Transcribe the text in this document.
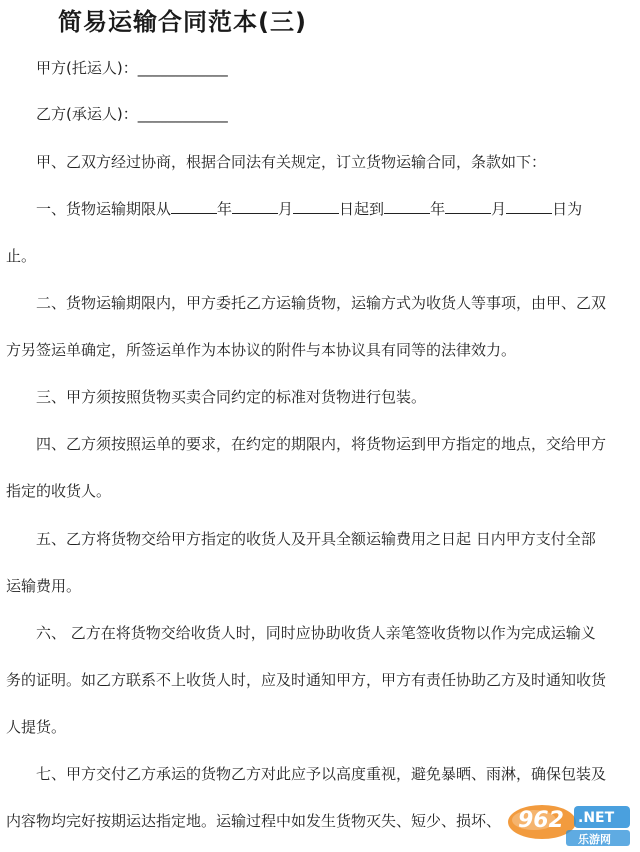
简易运输合同范本(三)
甲方(托运人)：____________
乙方(承运人)：____________
甲、乙双方经过协商，根据合同法有关规定，订立货物运输合同，条款如下：
一、货物运输期限从	年	月	日起到	年	月	日为
止。
二、货物运输期限内，甲方委托乙方运输货物，运输方式为收货人等事项，由甲、乙双
方另签运单确定，所签运单作为本协议的附件与本协议具有同等的法律效力。
三、甲方须按照货物买卖合同约定的标准对货物进行包装。
四、乙方须按照运单的要求，在约定的期限内，将货物运到甲方指定的地点，交给甲方
指定的收货人。
五、乙方将货物交给甲方指定的收货人及开具全额运输费用之日起 日内甲方支付全部
运输费用。
六、 乙方在将货物交给收货人时，同时应协助收货人亲笔签收货物以作为完成运输义
务的证明。如乙方联系不上收货人时，应及时通知甲方，甲方有责任协助乙方及时通知收货
人提货。
七、甲方交付乙方承运的货物乙方对此应予以高度重视，避免暴晒、雨淋，确保包装及
内容物均完好按期运达指定地。运输过程中如发生货物灭失、短少、损坏、 962 .NET
乐游网
